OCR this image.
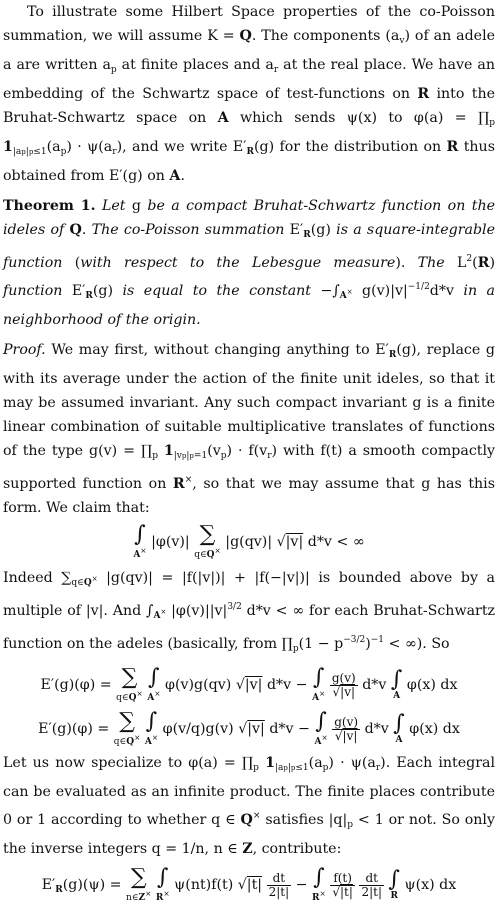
To illustrate some Hilbert Space properties of the co-Poisson summation, we will assume K = Q. The components $(a_v)$ of an adele a are written $a_p$ at finite places and $a_r$ at the real place. We have an embedding of the Schwartz space of test-functions on R into the Bruhat-Schwartz space on A which sends ψ(x) to $\varphi(a) = \prod_p$ $1_{|ap|p\le 1}(a_p) \cdot \psi(a_r)$, and we write $E'_R(g)$ for the distribution on R thus obtained from E′(g) on A.

Theorem 1. Let g be a compact Bruhat-Schwartz function on the ideles of Q. The co-Poisson summation $E'_R(g)$ is a square-integrable function (with respect to the Lebesgue measure). The $L^2(R)$ function $E'_R(g)$ is equal to the constant $-\int_{A^\times}$ $g(v)|v|^{-1/2}d*v$ in a neighborhood of the origin.

Proof. We may first, without changing anything to $E'_R(g)$, replace g with its average under the action of the finite unit ideles, so that it may be assumed invariant. Any such compact invariant g is a finite linear combination of suitable multiplicative translates of functions of the type $g(v) = \prod_p$ $1_{|vp|p=1}(v_p) \cdot f(v_r)$ with f(t) a smooth compactly supported function on R×, so that we may assume that g has this form. We claim that:

∫
A×
|φ(v)| ∑
q∈Q×
|g(qv)| √|v| d*v < ∞

Indeed $\sum_{q\in Q^\times}$ |g(qv)| = |f(|v|)| + |f(−|v|)| is bounded above by a multiple of |v|. And $\int_{A^\times}$ $|\varphi(v)||v|^{3/2}$ d*v < ∞ for each Bruhat-Schwartz function on the adeles (basically, from $\prod_p(1 - p^{-3/2})^{-1}$ < ∞). So

E′(g)(φ) = ∑
q∈Q×

∫
A×
φ(v)g(qv) √|v| d*v − ∫
A×
$\frac{g(v)}{√|v|} d*v$ ∫
A
φ(x) dx
E′(g)(φ) = ∑
q∈Q×

∫
A×
φ(v/q)g(v) √|v| d*v − ∫
A×
$\frac{g(v)}{√|v|} d*v$ ∫
A
φ(x) dx

Let us now specialize to $\varphi(a) = \prod_p$ $1_{|ap|p\le 1}(a_p) \cdot \psi(a_r)$. Each integral can be evaluated as an infinite product. The finite places contribute 0 or 1 according to whether q ∈ Q× satisfies $|q|_p < 1$ or not. So only the inverse integers q = 1/n, n ∈ Z, contribute:

$E'_R(g)(\psi)$ = ∑
n∈Z×

∫
R×
ψ(nt)f(t) $√|t| \frac{dt}{2|t|}$ − ∫
R×
$\frac{f(t)}{√|t|}$
$\frac{dt}{2|t|}$
∫
R
ψ(x) dx
